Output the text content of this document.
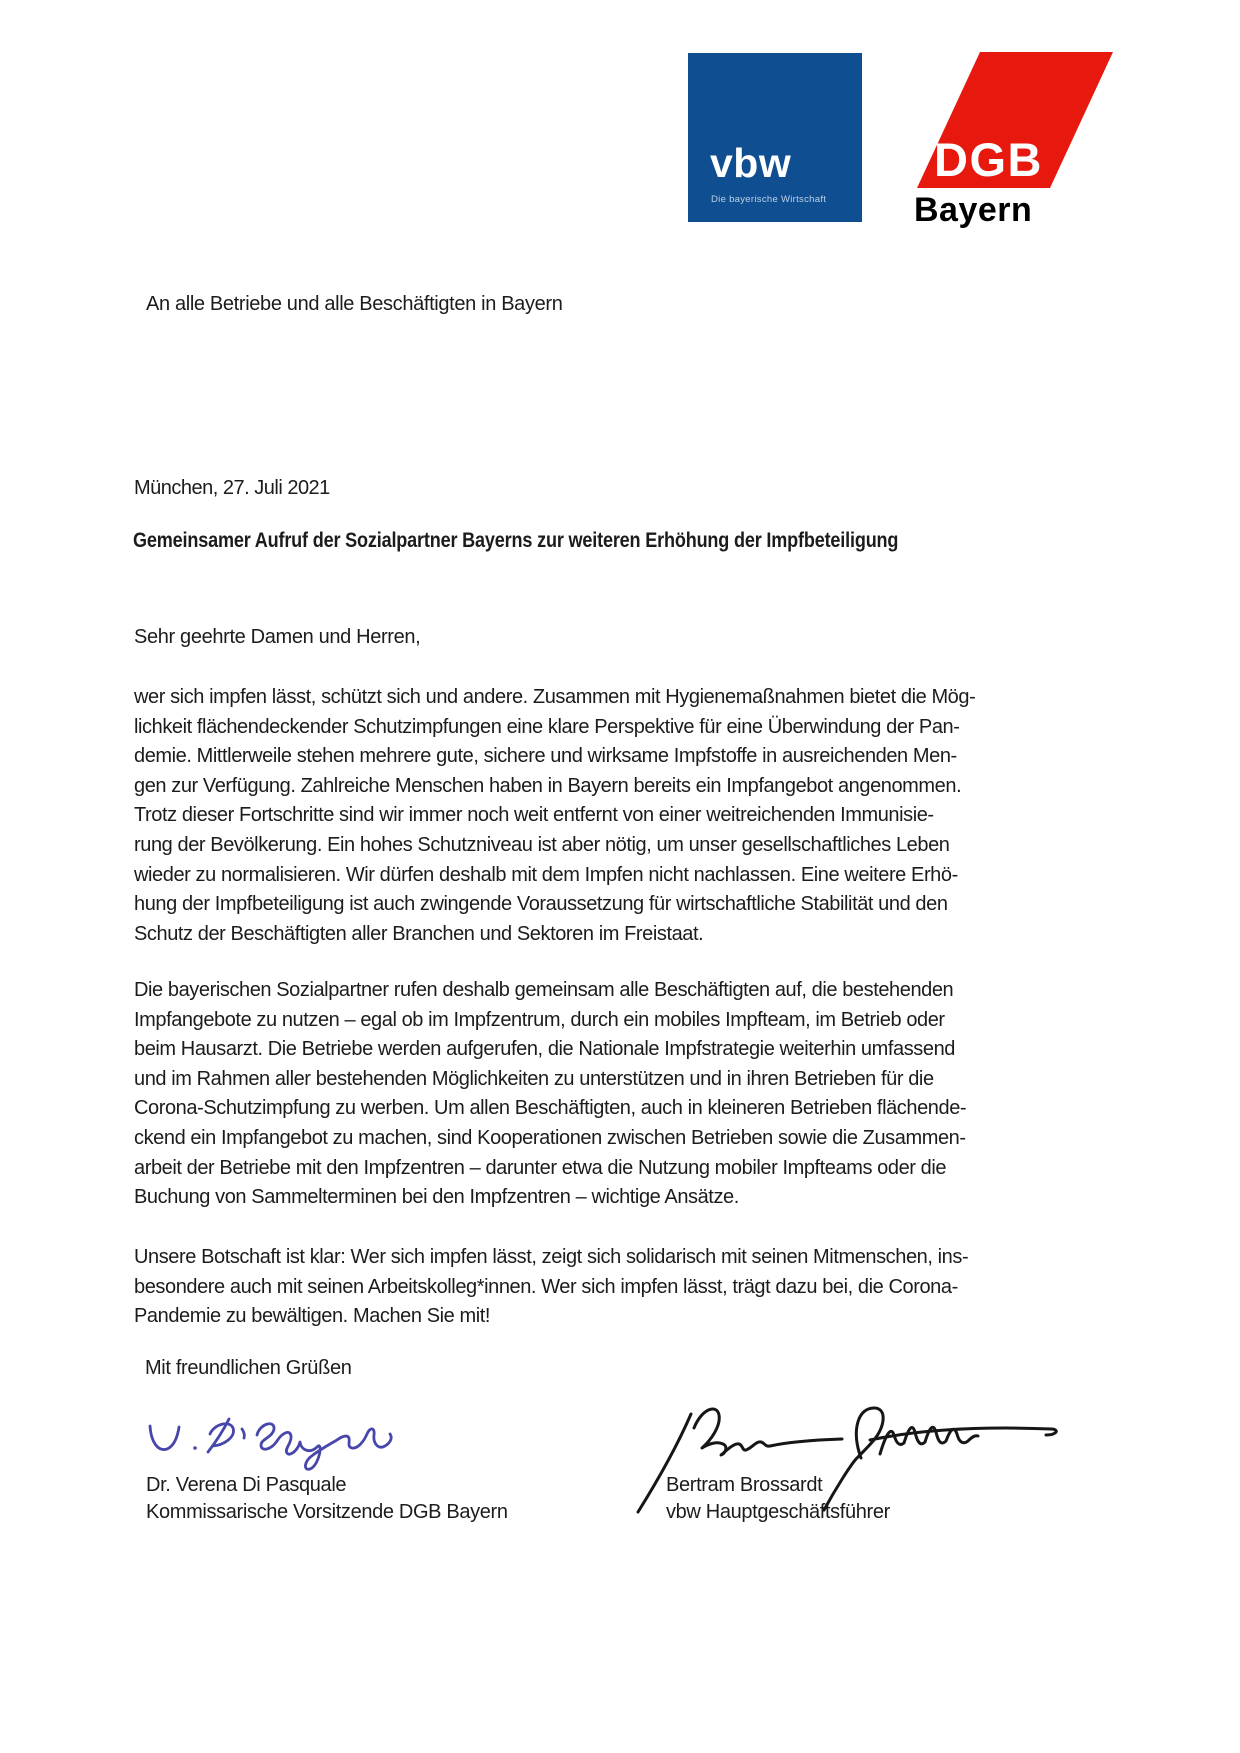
vbw
Die bayerische Wirtschaft
DGB
Bayern
An alle Betriebe und alle Beschäftigten in Bayern
München, 27. Juli 2021
Gemeinsamer Aufruf der Sozialpartner Bayerns zur weiteren Erhöhung der Impfbeteiligung
Sehr geehrte Damen und Herren,
wer sich impfen lässt, schützt sich und andere. Zusammen mit Hygienemaßnahmen bietet die Mög-
lichkeit flächendeckender Schutzimpfungen eine klare Perspektive für eine Überwindung der Pan-
demie. Mittlerweile stehen mehrere gute, sichere und wirksame Impfstoffe in ausreichenden Men-
gen zur Verfügung. Zahlreiche Menschen haben in Bayern bereits ein Impfangebot angenommen.
Trotz dieser Fortschritte sind wir immer noch weit entfernt von einer weitreichenden Immunisie-
rung der Bevölkerung. Ein hohes Schutzniveau ist aber nötig, um unser gesellschaftliches Leben
wieder zu normalisieren. Wir dürfen deshalb mit dem Impfen nicht nachlassen. Eine weitere Erhö-
hung der Impfbeteiligung ist auch zwingende Voraussetzung für wirtschaftliche Stabilität und den
Schutz der Beschäftigten aller Branchen und Sektoren im Freistaat.
Die bayerischen Sozialpartner rufen deshalb gemeinsam alle Beschäftigten auf, die bestehenden
Impfangebote zu nutzen – egal ob im Impfzentrum, durch ein mobiles Impfteam, im Betrieb oder
beim Hausarzt. Die Betriebe werden aufgerufen, die Nationale Impfstrategie weiterhin umfassend
und im Rahmen aller bestehenden Möglichkeiten zu unterstützen und in ihren Betrieben für die
Corona-Schutzimpfung zu werben. Um allen Beschäftigten, auch in kleineren Betrieben flächende-
ckend ein Impfangebot zu machen, sind Kooperationen zwischen Betrieben sowie die Zusammen-
arbeit der Betriebe mit den Impfzentren – darunter etwa die Nutzung mobiler Impfteams oder die
Buchung von Sammelterminen bei den Impfzentren – wichtige Ansätze.
Unsere Botschaft ist klar: Wer sich impfen lässt, zeigt sich solidarisch mit seinen Mitmenschen, ins-
besondere auch mit seinen Arbeitskolleg*innen. Wer sich impfen lässt, trägt dazu bei, die Corona-
Pandemie zu bewältigen. Machen Sie mit!
Mit freundlichen Grüßen
Dr. Verena Di Pasquale
Kommissarische Vorsitzende DGB Bayern
Bertram Brossardt
vbw Hauptgeschäftsführer
